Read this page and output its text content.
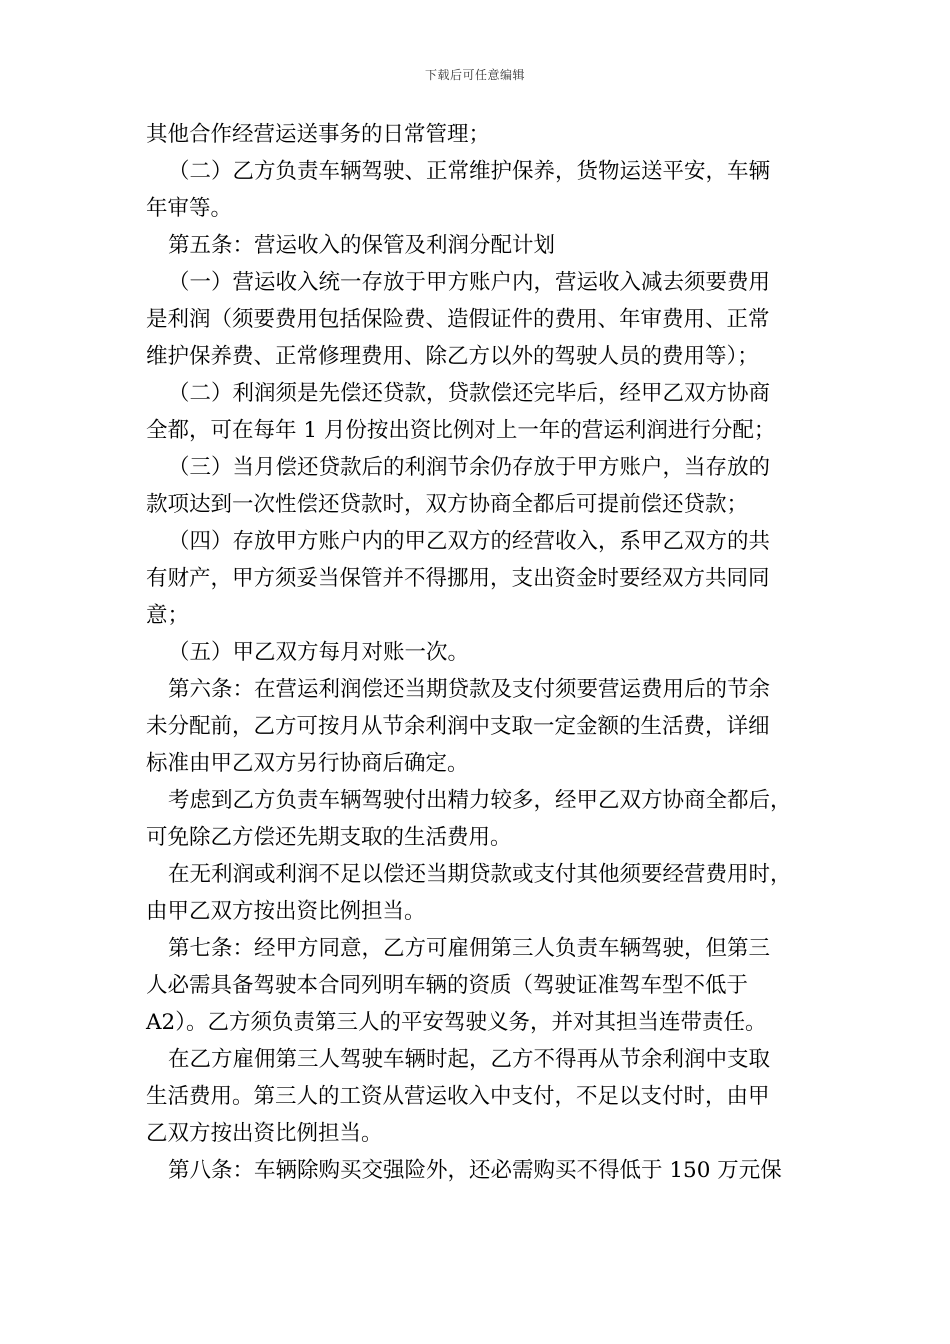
下载后可任意编辑
其他合作经营运送事务的日常管理；
（二）乙方负责车辆驾驶、正常维护保养，货物运送平安，车辆
年审等。
第五条：营运收入的保管及利润分配计划
（一）营运收入统一存放于甲方账户内，营运收入减去须要费用
是利润（须要费用包括保险费、造假证件的费用、年审费用、正常
维护保养费、正常修理费用、除乙方以外的驾驶人员的费用等）；
（二）利润须是先偿还贷款，贷款偿还完毕后，经甲乙双方协商
全都，可在每年 1 月份按出资比例对上一年的营运利润进行分配；
（三）当月偿还贷款后的利润节余仍存放于甲方账户，当存放的
款项达到一次性偿还贷款时，双方协商全都后可提前偿还贷款；
（四）存放甲方账户内的甲乙双方的经营收入，系甲乙双方的共
有财产，甲方须妥当保管并不得挪用，支出资金时要经双方共同同
意；
（五）甲乙双方每月对账一次。
第六条：在营运利润偿还当期贷款及支付须要营运费用后的节余
未分配前，乙方可按月从节余利润中支取一定金额的生活费，详细
标准由甲乙双方另行协商后确定。
考虑到乙方负责车辆驾驶付出精力较多，经甲乙双方协商全都后，
可免除乙方偿还先期支取的生活费用。
在无利润或利润不足以偿还当期贷款或支付其他须要经营费用时，
由甲乙双方按出资比例担当。
第七条：经甲方同意，乙方可雇佣第三人负责车辆驾驶，但第三
人必需具备驾驶本合同列明车辆的资质（驾驶证准驾车型不低于
A2）。乙方须负责第三人的平安驾驶义务，并对其担当连带责任。
在乙方雇佣第三人驾驶车辆时起，乙方不得再从节余利润中支取
生活费用。第三人的工资从营运收入中支付，不足以支付时，由甲
乙双方按出资比例担当。
第八条：车辆除购买交强险外，还必需购买不得低于 150 万元保
